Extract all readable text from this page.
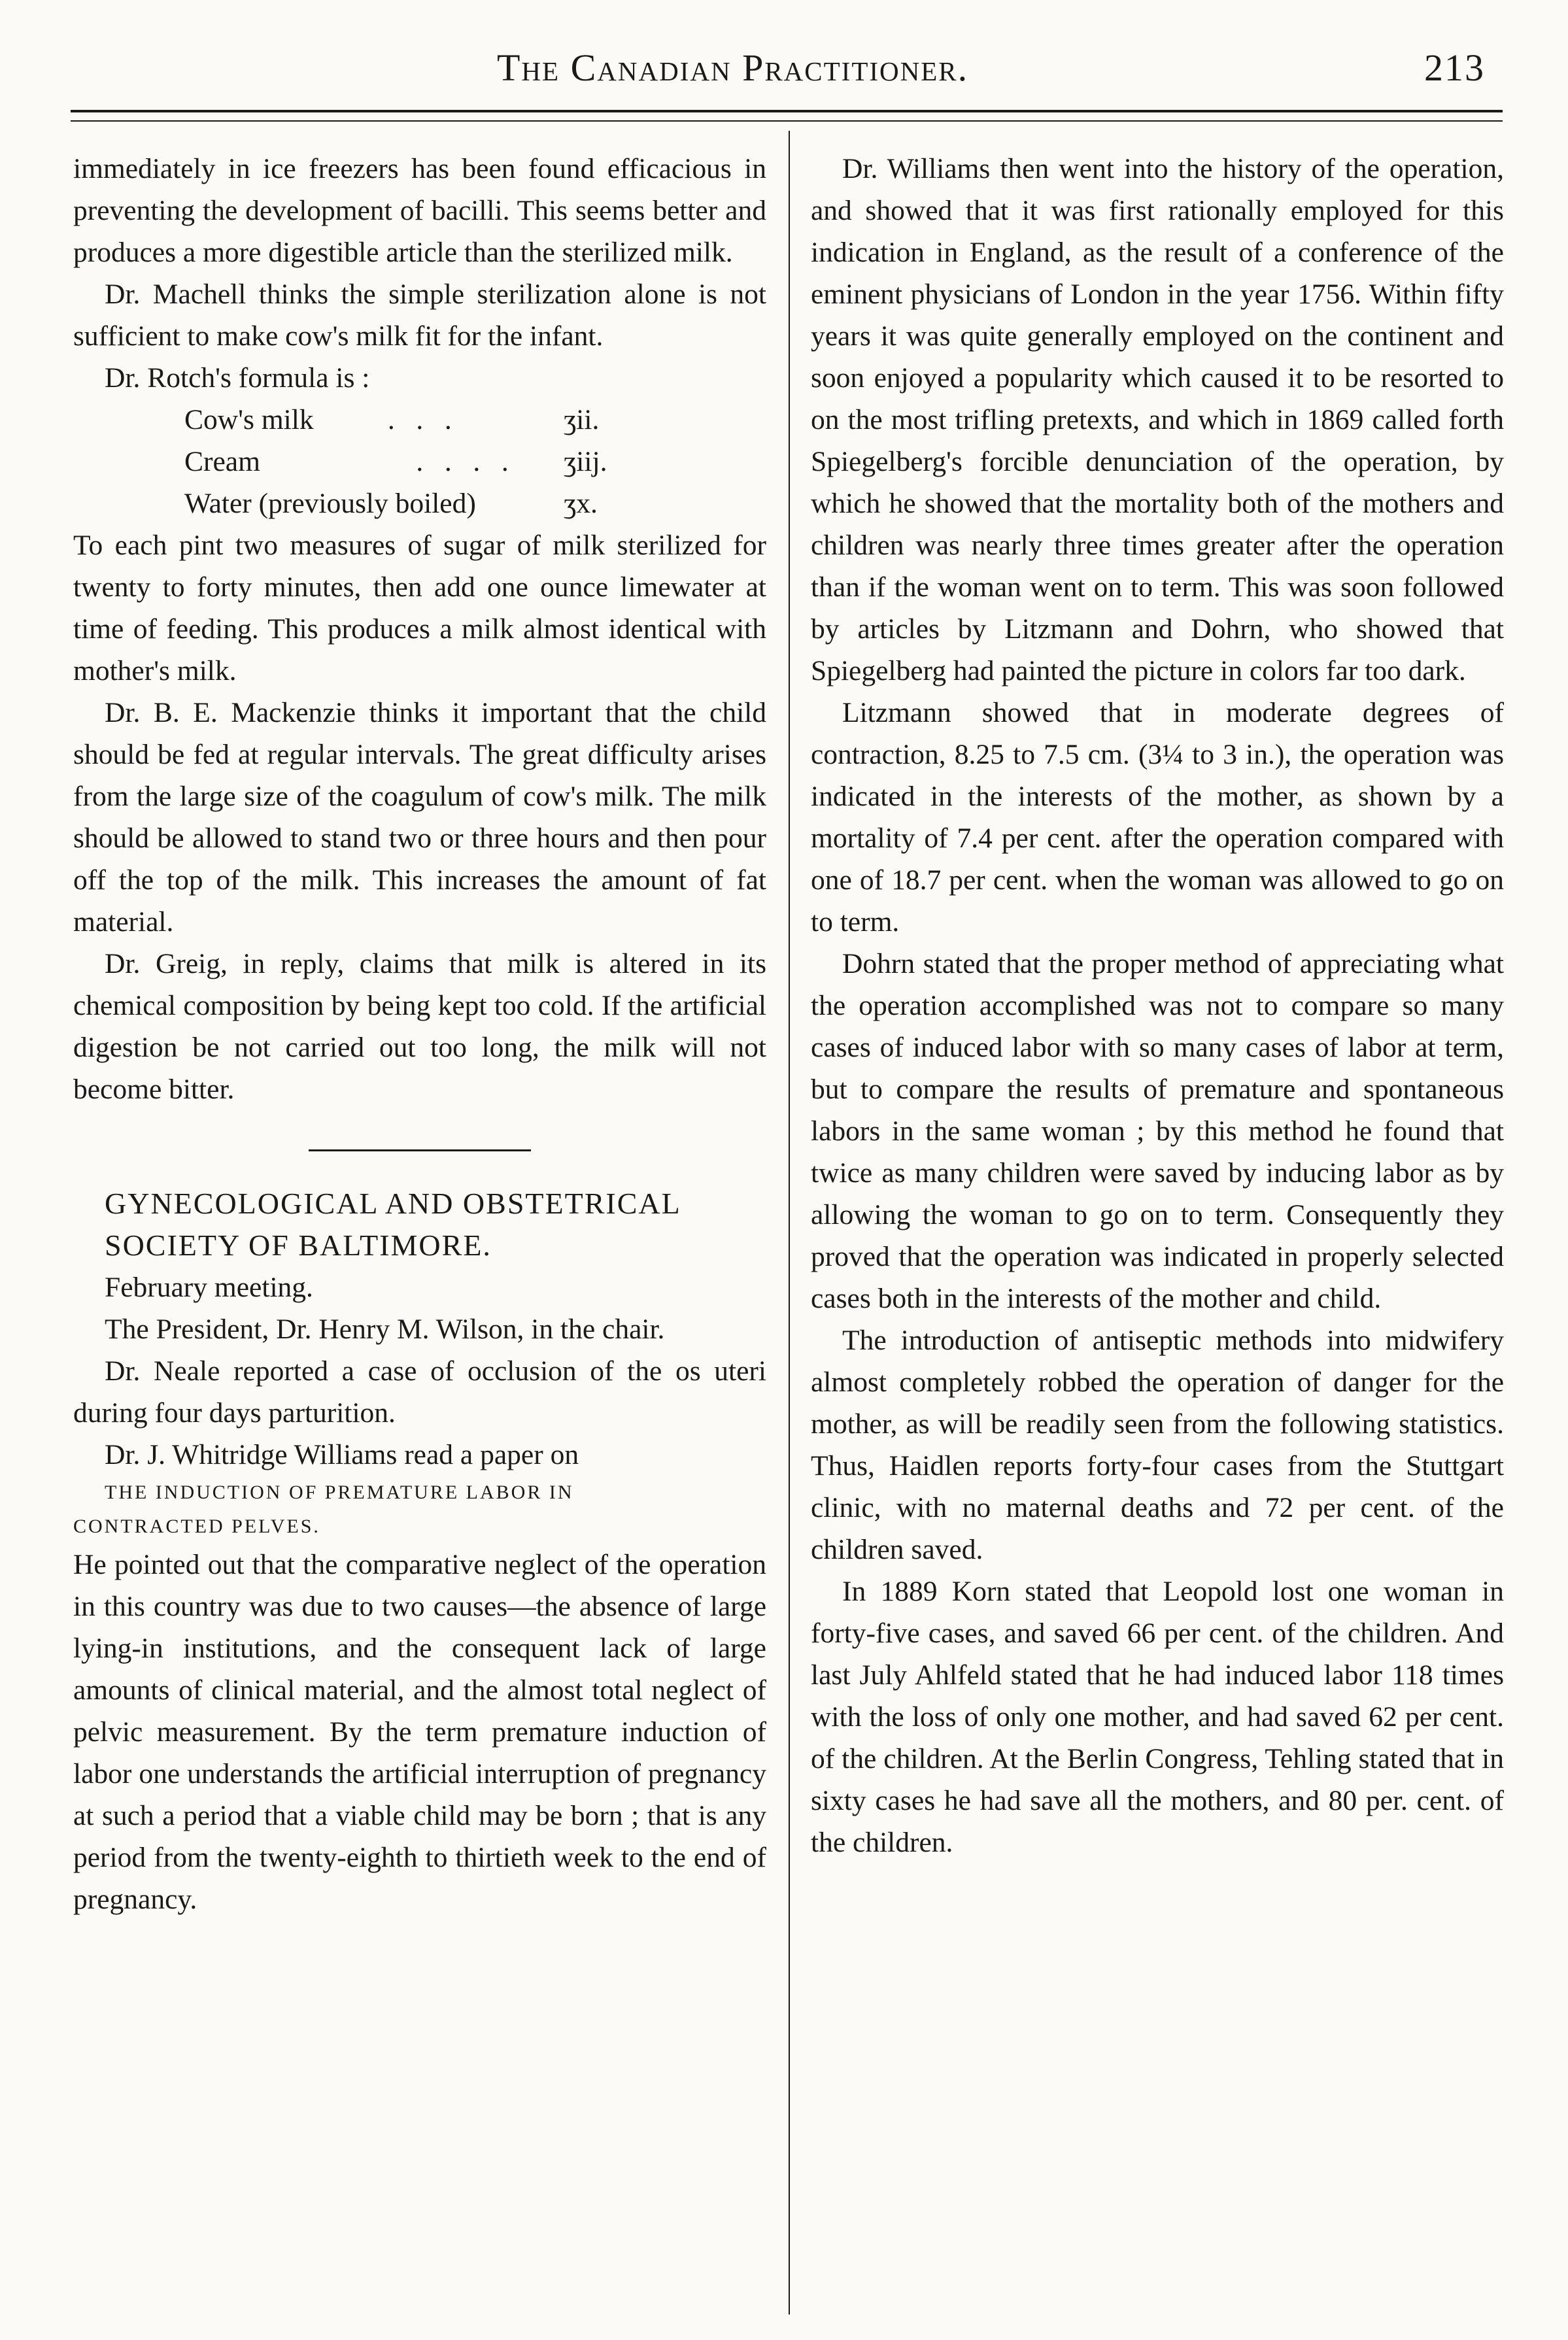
The Canadian Practitioner.	213

immediately in ice freezers has been found efficacious in preventing the development of bacilli. This seems better and produces a more digestible article than the sterilized milk.

Dr. Machell thinks the simple sterilization alone is not sufficient to make cow's milk fit for the infant.

Dr. Rotch's formula is :

Cow's milk	.   .   .	ʒii.
Cream	.   .   .   .	ʒiij.
Water (previously boiled)	ʒx.

To each pint two measures of sugar of milk sterilized for twenty to forty minutes, then add one ounce limewater at time of feeding. This produces a milk almost identical with mother's milk.

Dr. B. E. Mackenzie thinks it important that the child should be fed at regular intervals. The great difficulty arises from the large size of the coagulum of cow's milk. The milk should be allowed to stand two or three hours and then pour off the top of the milk. This increases the amount of fat material.

Dr. Greig, in reply, claims that milk is altered in its chemical composition by being kept too cold. If the artificial digestion be not carried out too long, the milk will not become bitter.

GYNECOLOGICAL AND OBSTETRICAL

SOCIETY OF BALTIMORE.

February meeting.

The President, Dr. Henry M. Wilson, in the chair.

Dr. Neale reported a case of occlusion of the os uteri during four days parturition.

Dr. J. Whitridge Williams read a paper on

THE INDUCTION OF PREMATURE LABOR IN
CONTRACTED PELVES.

He pointed out that the comparative neglect of the operation in this country was due to two causes—the absence of large lying-in institutions, and the consequent lack of large amounts of clinical material, and the almost total neglect of pelvic measurement. By the term premature induction of labor one understands the artificial interruption of pregnancy at such a period that a viable child may be born ; that is any period from the twenty-eighth to thirtieth week to the end of pregnancy.

Dr. Williams then went into the history of the operation, and showed that it was first rationally employed for this indication in England, as the result of a conference of the eminent physicians of London in the year 1756. Within fifty years it was quite generally employed on the continent and soon enjoyed a popularity which caused it to be resorted to on the most trifling pretexts, and which in 1869 called forth Spiegelberg's forcible denunciation of the operation, by which he showed that the mortality both of the mothers and children was nearly three times greater after the operation than if the woman went on to term. This was soon followed by articles by Litzmann and Dohrn, who showed that Spiegelberg had painted the picture in colors far too dark.

Litzmann showed that in moderate degrees of contraction, 8.25 to 7.5 cm. (3¼ to 3 in.), the operation was indicated in the interests of the mother, as shown by a mortality of 7.4 per cent. after the operation compared with one of 18.7 per cent. when the woman was allowed to go on to term.

Dohrn stated that the proper method of appreciating what the operation accomplished was not to compare so many cases of induced labor with so many cases of labor at term, but to compare the results of premature and spontaneous labors in the same woman ; by this method he found that twice as many children were saved by inducing labor as by allowing the woman to go on to term. Consequently they proved that the operation was indicated in properly selected cases both in the interests of the mother and child.

The introduction of antiseptic methods into midwifery almost completely robbed the operation of danger for the mother, as will be readily seen from the following statistics. Thus, Haidlen reports forty-four cases from the Stuttgart clinic, with no maternal deaths and 72 per cent. of the children saved.

In 1889 Korn stated that Leopold lost one woman in forty-five cases, and saved 66 per cent. of the children. And last July Ahlfeld stated that he had induced labor 118 times with the loss of only one mother, and had saved 62 per cent. of the children. At the Berlin Congress, Tehling stated that in sixty cases he had save all the mothers, and 80 per. cent. of the children.
